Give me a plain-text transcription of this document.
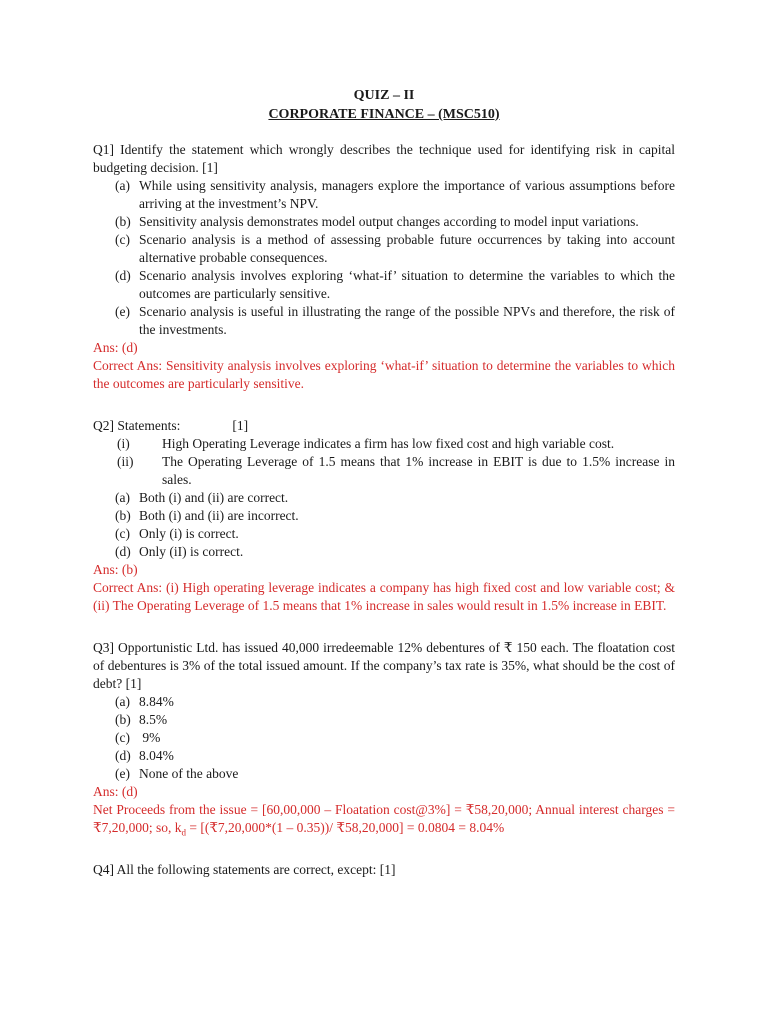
QUIZ – II
CORPORATE FINANCE – (MSC510)
Q1] Identify the statement which wrongly describes the technique used for identifying risk in capital budgeting decision. [1]
(a) While using sensitivity analysis, managers explore the importance of various assumptions before arriving at the investment’s NPV.
(b) Sensitivity analysis demonstrates model output changes according to model input variations.
(c) Scenario analysis is a method of assessing probable future occurrences by taking into account alternative probable consequences.
(d) Scenario analysis involves exploring ‘what-if’ situation to determine the variables to which the outcomes are particularly sensitive.
(e) Scenario analysis is useful in illustrating the range of the possible NPVs and therefore, the risk of the investments.
Ans: (d)
Correct Ans: Sensitivity analysis involves exploring ‘what-if’ situation to determine the variables to which the outcomes are particularly sensitive.
Q2] Statements:	[1]
(i)	High Operating Leverage indicates a firm has low fixed cost and high variable cost.
(ii)	The Operating Leverage of 1.5 means that 1% increase in EBIT is due to 1.5% increase in sales.
(a) Both (i) and (ii) are correct.
(b) Both (i) and (ii) are incorrect.
(c) Only (i) is correct.
(d) Only (iI) is correct.
Ans: (b)
Correct Ans: (i) High operating leverage indicates a company has high fixed cost and low variable cost; & (ii) The Operating Leverage of 1.5 means that 1% increase in sales would result in 1.5% increase in EBIT.
Q3] Opportunistic Ltd. has issued 40,000 irredeemable 12% debentures of ₹ 150 each. The floatation cost of debentures is 3% of the total issued amount. If the company’s tax rate is 35%, what should be the cost of debt? [1]
(a) 8.84%
(b) 8.5%
(c) 9%
(d) 8.04%
(e) None of the above
Ans: (d)
Net Proceeds from the issue = [60,00,000 – Floatation cost@3%] = ₹58,20,000; Annual interest charges = ₹7,20,000; so, $k_d$ = [(₹7,20,000*(1 – 0.35))/ ₹58,20,000] = 0.0804 = 8.04%
Q4] All the following statements are correct, except: [1]
